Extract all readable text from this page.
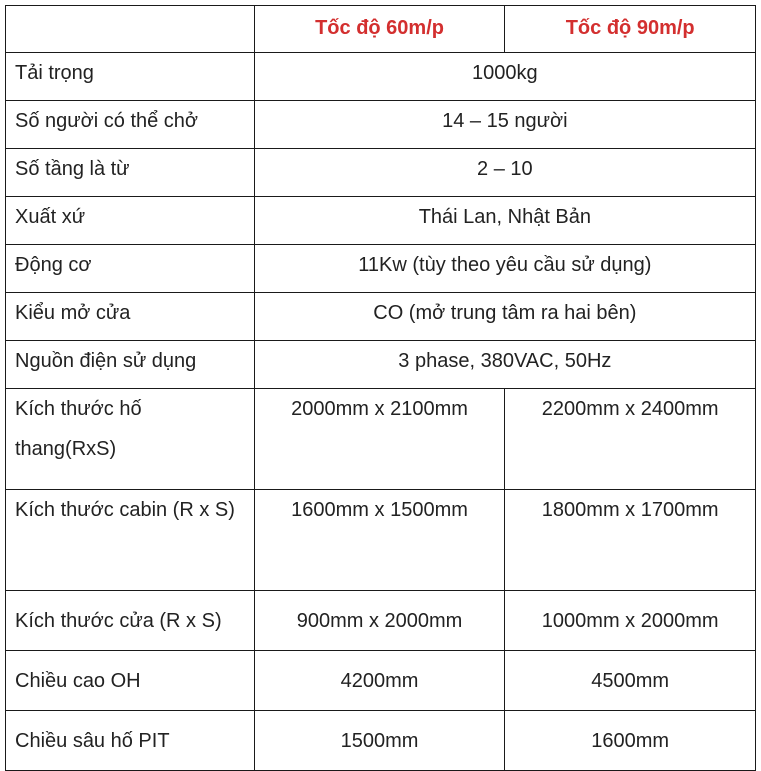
	Tốc độ 60m/p	Tốc độ 90m/p
Tải trọng	1000kg	
Số người có thể chở	14 – 15 người	
Số tầng là từ	2 – 10	
Xuất xứ	Thái Lan, Nhật Bản	
Động cơ	11Kw (tùy theo yêu cầu sử dụng)	
Kiểu mở cửa	CO (mở trung tâm ra hai bên)	
Nguồn điện sử dụng	3 phase, 380VAC, 50Hz	
Kích thước hố thang(RxS)	2000mm x 2100mm	2200mm x 2400mm
Kích thước cabin (R x S)	1600mm x 1500mm	1800mm x 1700mm
Kích thước cửa (R x S)	900mm x 2000mm	1000mm x 2000mm
Chiều cao OH	4200mm	4500mm
Chiều sâu hố PIT	1500mm	1600mm
